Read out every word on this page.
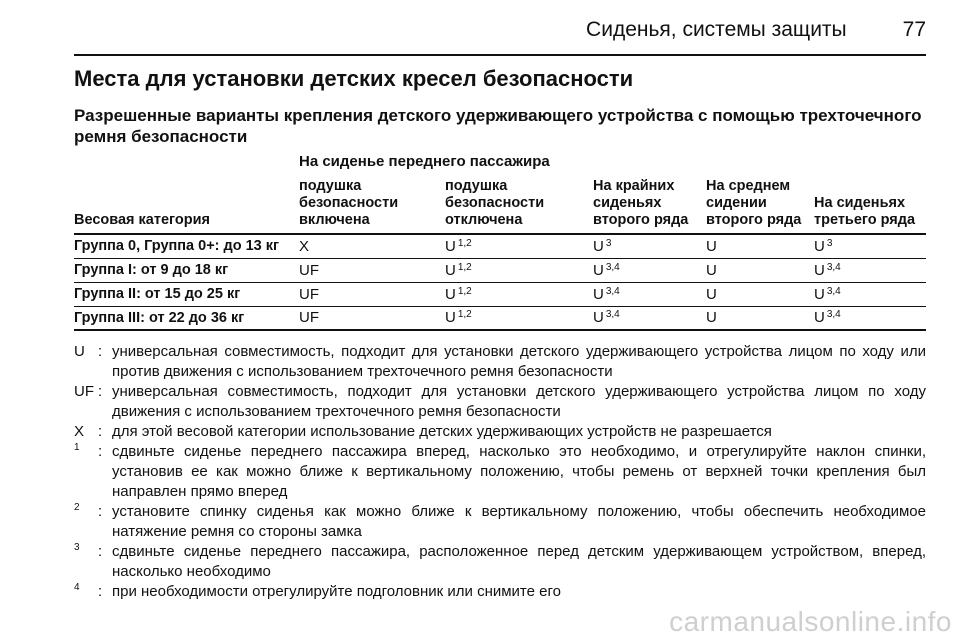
Сиденья, системы защиты	77
Места для установки детских кресел безопасности
Разрешенные варианты крепления детского удерживающего устройства с помощью трехточечного ремня безопасности
На сиденье переднего пассажира
Весовая категория	подушка безопасности включена	подушка безопасности отключена	На крайних сиденьях второго ряда	На среднем сидении второго ряда	На сиденьях третьего ряда
Группа 0, Группа 0+: до 13 кг	X	U $^{1,2}$	U $^3$	U	U $^3$
Группа I: от 9 до 18 кг	UF	U $^{1,2}$	U $^{3,4}$	U	U $^{3,4}$
Группа II: от 15 до 25 кг	UF	U $^{1,2}$	U $^{3,4}$	U	U $^{3,4}$
Группа III: от 22 до 36 кг	UF	U $^{1,2}$	U $^{3,4}$	U	U $^{3,4}$
U : универсальная совместимость, подходит для установки детского удерживающего устройства лицом по ходу или против движения с использованием трехточечного ремня безопасности
UF : универсальная совместимость, подходит для установки детского удерживающего устройства лицом по ходу движения с использованием трехточечного ремня безопасности
X : для этой весовой категории использование детских удерживающих устройств не разрешается
1 : сдвиньте сиденье переднего пассажира вперед, насколько это необходимо, и отрегулируйте наклон спинки, установив ее как можно ближе к вертикальному положению, чтобы ремень от верхней точки крепления был направлен прямо вперед
2 : установите спинку сиденья как можно ближе к вертикальному положению, чтобы обеспечить необходимое натяжение ремня со стороны замка
3 : сдвиньте сиденье переднего пассажира, расположенное перед детским удерживающем устройством, вперед, насколько необходимо
4 : при необходимости отрегулируйте подголовник или снимите его
carmanualsonline.info
